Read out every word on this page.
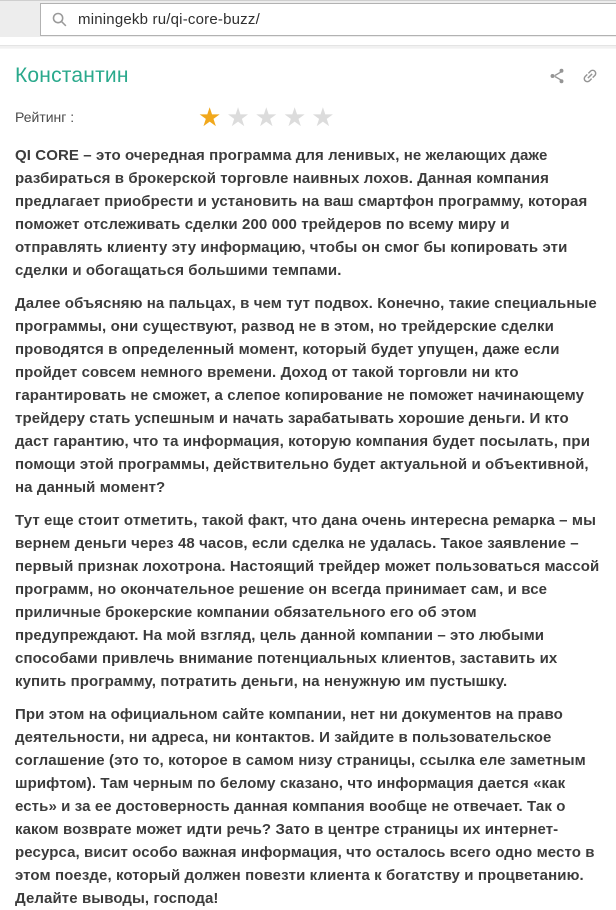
miningekb ru/qi-core-buzz/
Константин
Рейтинг :	★ ★ ★ ★ ★

QI CORE – это очередная программа для ленивых, не желающих даже разбираться в брокерской торговле наивных лохов. Данная компания предлагает приобрести и установить на ваш смартфон программу, которая поможет отслеживать сделки 200 000 трейдеров по всему миру и отправлять клиенту эту информацию, чтобы он смог бы копировать эти сделки и обогащаться большими темпами.

Далее объясняю на пальцах, в чем тут подвох. Конечно, такие специальные программы, они существуют, развод не в этом, но трейдерские сделки проводятся в определенный момент, который будет упущен, даже если пройдет совсем немного времени. Доход от такой торговли ни кто гарантировать не сможет, а слепое копирование не поможет начинающему трейдеру стать успешным и начать зарабатывать хорошие деньги. И кто даст гарантию, что та информация, которую компания будет посылать, при помощи этой программы, действительно будет актуальной и объективной, на данный момент?

Тут еще стоит отметить, такой факт, что дана очень интересна ремарка – мы вернем деньги через 48 часов, если сделка не удалась. Такое заявление – первый признак лохотрона. Настоящий трейдер может пользоваться массой программ, но окончательное решение он всегда принимает сам, и все приличные брокерские компании обязательного его об этом предупреждают. На мой взгляд, цель данной компании – это любыми способами привлечь внимание потенциальных клиентов, заставить их купить программу, потратить деньги, на ненужную им пустышку.

При этом на официальном сайте компании, нет ни документов на право деятельности, ни адреса, ни контактов. И зайдите в пользовательское соглашение (это то, которое в самом низу страницы, ссылка еле заметным шрифтом). Там черным по белому сказано, что информация дается «как есть» и за ее достоверность данная компания вообще не отвечает. Так о каком возврате может идти речь? Зато в центре страницы их интернет-ресурса, висит особо важная информация, что осталось всего одно место в этом поезде, который должен повезти клиента к богатству и процветанию. Делайте выводы, господа!
